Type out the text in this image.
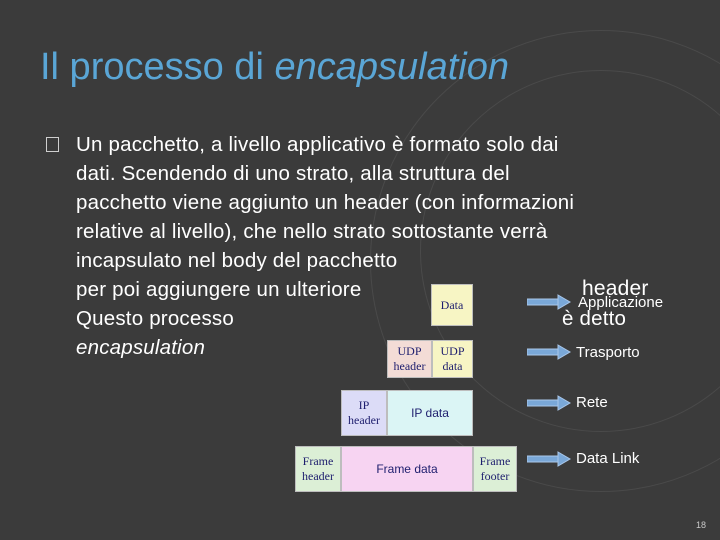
Il processo di encapsulation
Un pacchetto, a livello applicativo è formato solo dai
dati. Scendendo di uno strato, alla struttura del
pacchetto viene aggiunto un header (con informazioni
relative al livello), che nello strato sottostante verrà
incapsulato nel body del pacchetto
per poi aggiungere un ulteriore
Questo processo
encapsulation
header
è detto
Data
UDP header
UDP data
IP header
IP data
Frame header
Frame data
Frame footer
Applicazione
Trasporto
Rete
Data Link
18
